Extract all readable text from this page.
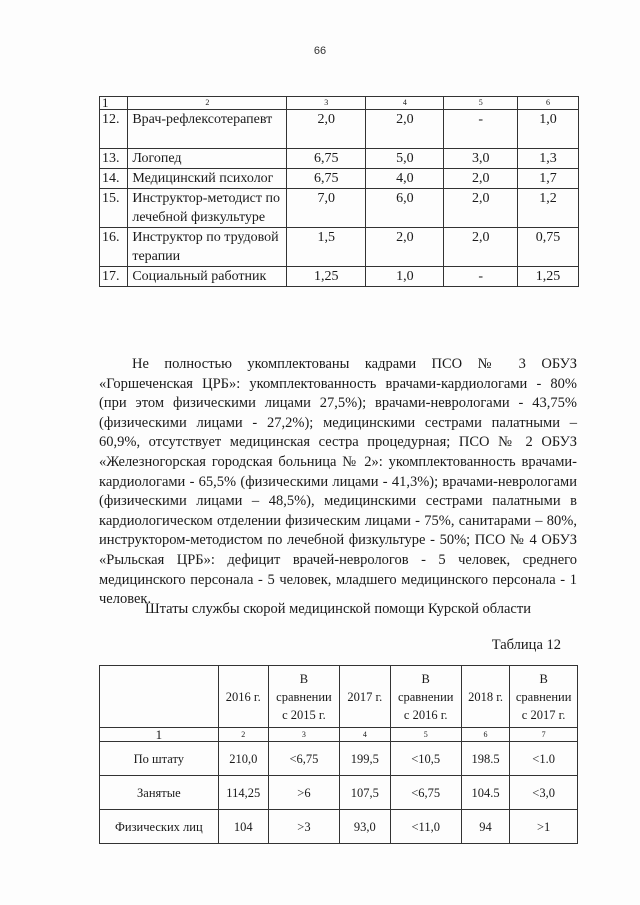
66
1	2	3	4	5	6
12.	Врач-рефлексотерапевт	2,0	2,0	-	1,0
13.	Логопед	6,75	5,0	3,0	1,3
14.	Медицинский психолог	6,75	4,0	2,0	1,7
15.	Инструктор-методист по лечебной физкультуре	7,0	6,0	2,0	1,2
16.	Инструктор по трудовой терапии	1,5	2,0	2,0	0,75
17.	Социальный работник	1,25	1,0	-	1,25

Не полностью укомплектованы кадрами ПСО № 3 ОБУЗ «Горшеченская ЦРБ»: укомплектованность врачами-кардиологами - 80% (при этом физическими лицами 27,5%); врачами-неврологами - 43,75% (физическими лицами - 27,2%); медицинскими сестрами палатными – 60,9%, отсутствует медицинская сестра процедурная; ПСО № 2 ОБУЗ «Железногорская городская больница № 2»: укомплектованность врачами-кардиологами - 65,5% (физическими лицами - 41,3%); врачами-неврологами (физическими лицами – 48,5%), медицинскими сестрами палатными в кардиологическом отделении физическим лицами - 75%, санитарами – 80%, инструктором-методистом по лечебной физкультуре - 50%; ПСО № 4 ОБУЗ «Рыльская ЦРБ»: дефицит врачей-неврологов - 5 человек, среднего медицинского персонала - 5 человек, младшего медицинского персонала - 1 человек.

Штаты службы скорой медицинской помощи Курской области
Таблица 12
	2016 г.	В сравнении с 2015 г.	2017 г.	В сравнении с 2016 г.	2018 г.	В сравнении с 2017 г.
1	2	3	4	5	6	7
По штату	210,0	<6,75	199,5	<10,5	198.5	<1.0
Занятые	114,25	>6	107,5	<6,75	104.5	<3,0
Физических лиц	104	>3	93,0	<11,0	94	>1
